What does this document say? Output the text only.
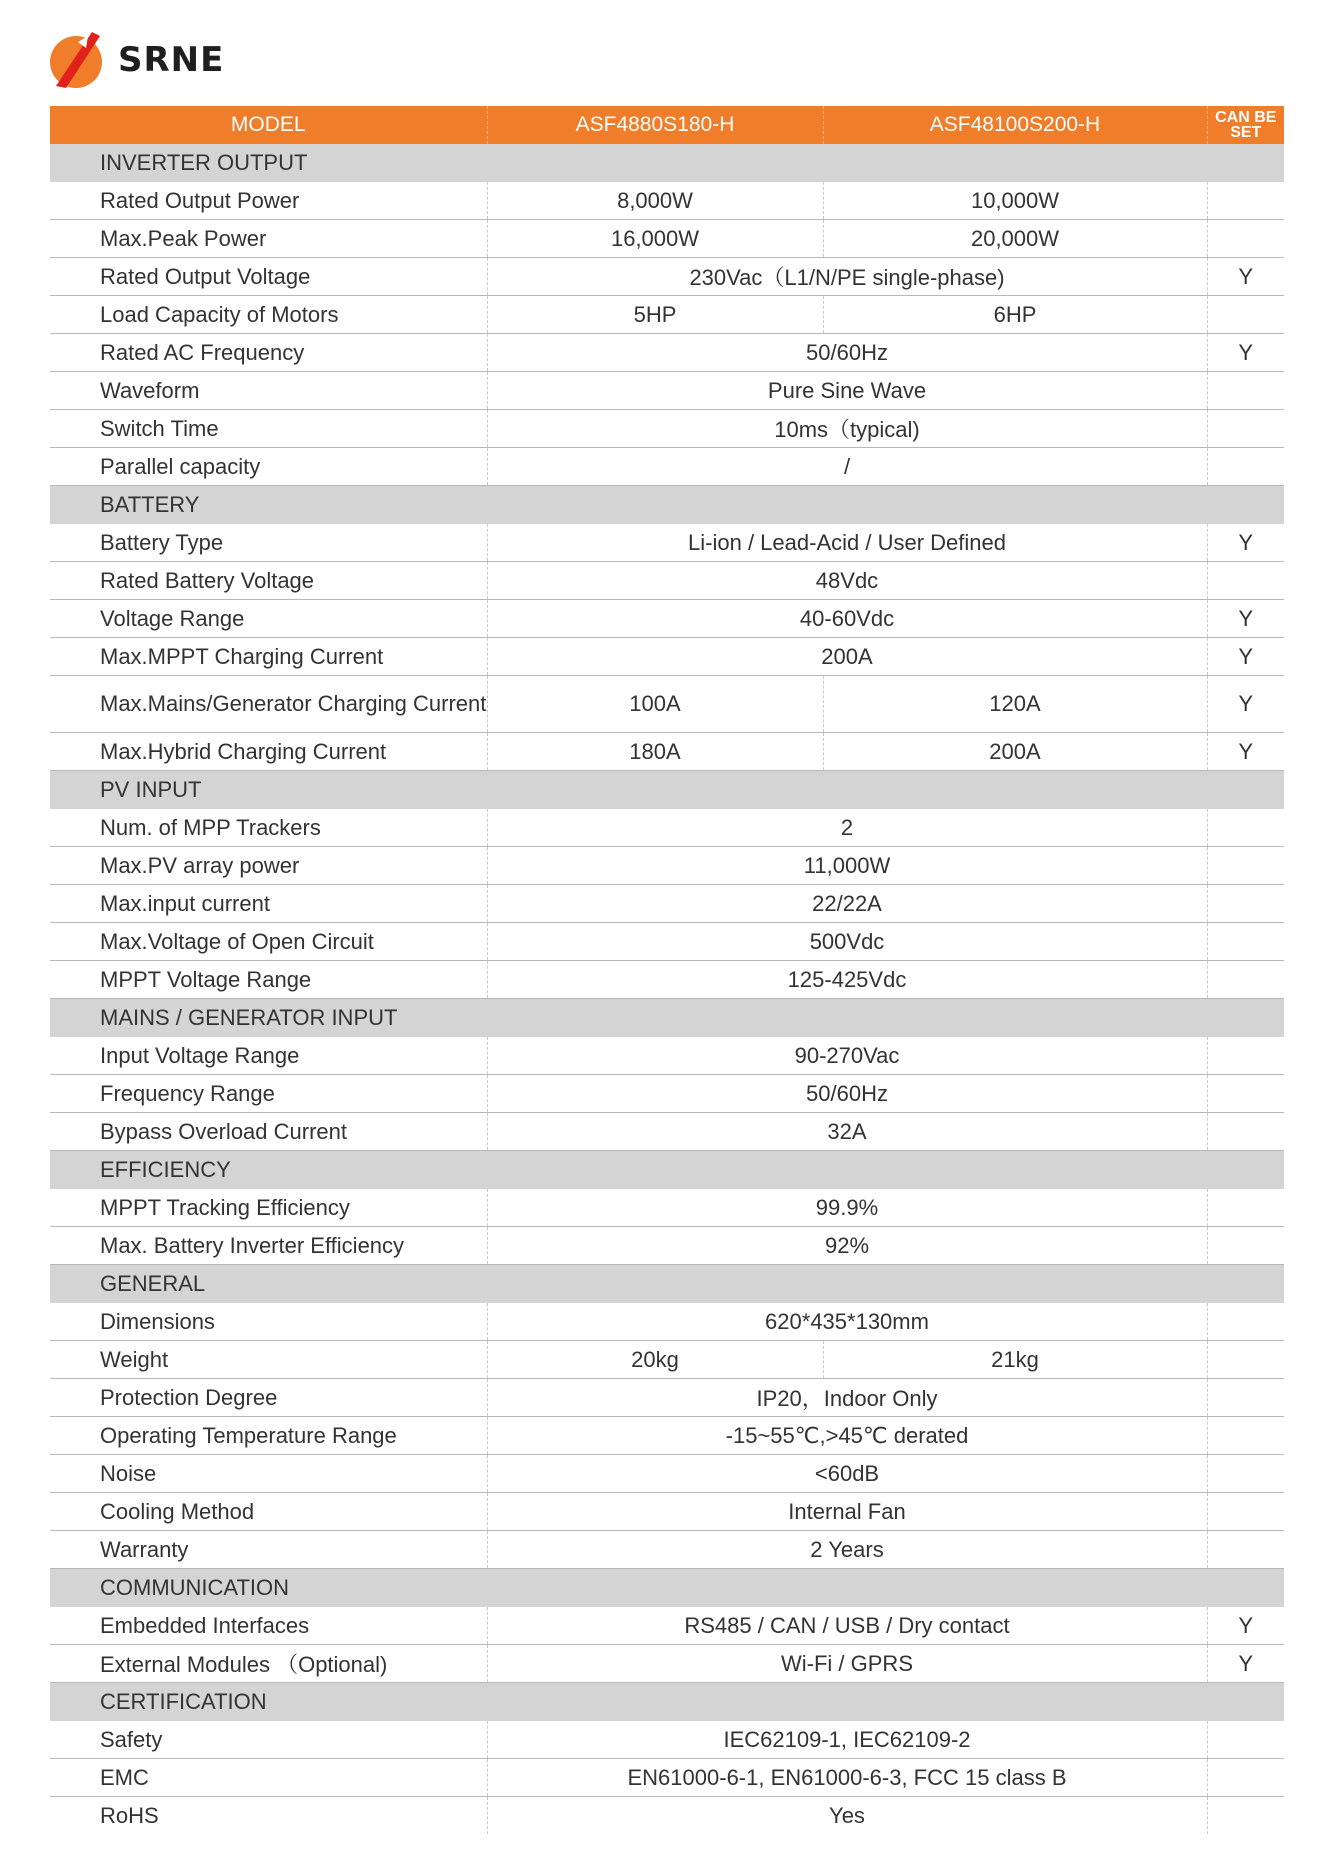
SRNE
MODEL	ASF4880S180-H	ASF48100S200-H	CAN BE
SET
INVERTER OUTPUT			
Rated Output Power	8,000W	10,000W	
Max.Peak Power	16,000W	20,000W	
Rated Output Voltage	230Vac（L1/N/PE single-phase)		Y
Load Capacity of Motors	5HP	6HP	
Rated AC Frequency	50/60Hz		Y
Waveform	Pure Sine Wave		
Switch Time	10ms（typical)		
Parallel capacity	/		
BATTERY			
Battery Type	Li-ion / Lead-Acid / User Defined		Y
Rated Battery Voltage	48Vdc		
Voltage Range	40-60Vdc		Y
Max.MPPT Charging Current	200A		Y
Max.Mains/Generator Charging Current	100A	120A	Y
Max.Hybrid Charging Current	180A	200A	Y
PV INPUT			
Num. of MPP Trackers	2		
Max.PV array power	11,000W		
Max.input current	22/22A		
Max.Voltage of Open Circuit	500Vdc		
MPPT Voltage Range	125-425Vdc		
MAINS / GENERATOR INPUT			
Input Voltage Range	90-270Vac		
Frequency Range	50/60Hz		
Bypass Overload Current	32A		
EFFICIENCY			
MPPT Tracking Efficiency	99.9%		
Max. Battery Inverter Efficiency	92%		
GENERAL			
Dimensions	620*435*130mm		
Weight	20kg	21kg	
Protection Degree	IP20，Indoor Only		
Operating Temperature Range	-15~55℃,>45℃ derated		
Noise	<60dB		
Cooling Method	Internal Fan		
Warranty	2 Years		
COMMUNICATION			
Embedded Interfaces	RS485 / CAN / USB / Dry contact		Y
External Modules （Optional)	Wi-Fi / GPRS		Y
CERTIFICATION			
Safety	IEC62109-1, IEC62109-2		
EMC	EN61000-6-1, EN61000-6-3, FCC 15 class B		
RoHS	Yes		
